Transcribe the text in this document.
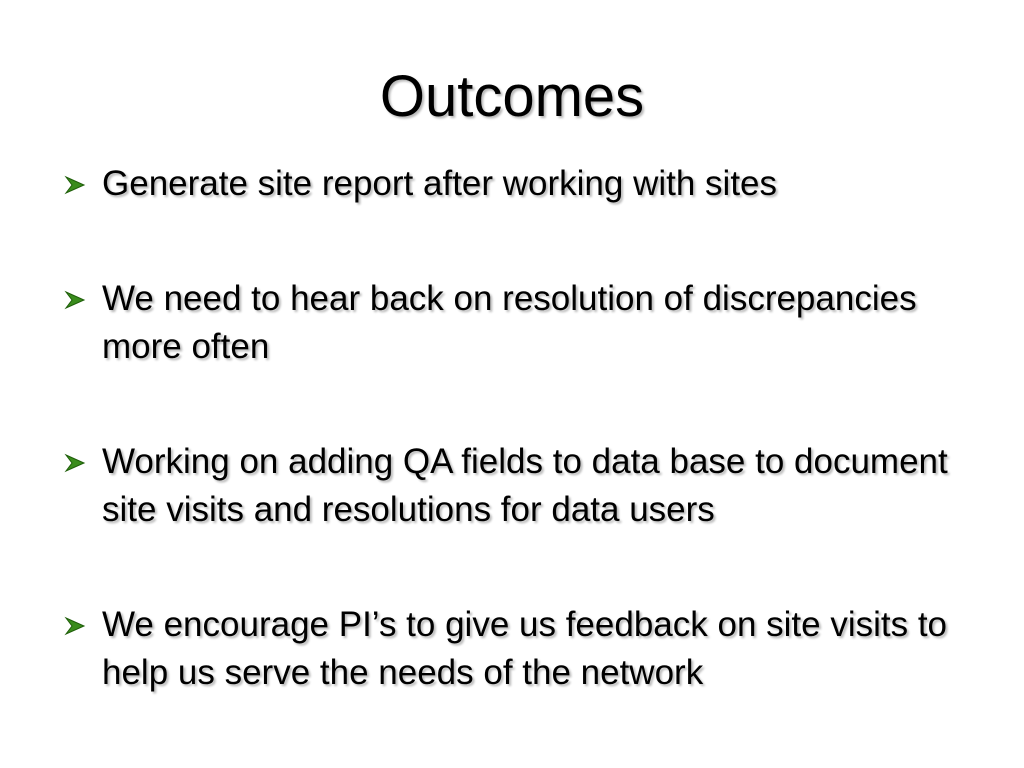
Outcomes
Generate site report after working with sites
We need to hear back on resolution of discrepancies more often
Working on adding QA fields to data base to document site visits and resolutions for data users
We encourage PI’s to give us feedback on site visits to help us serve the needs of the network
